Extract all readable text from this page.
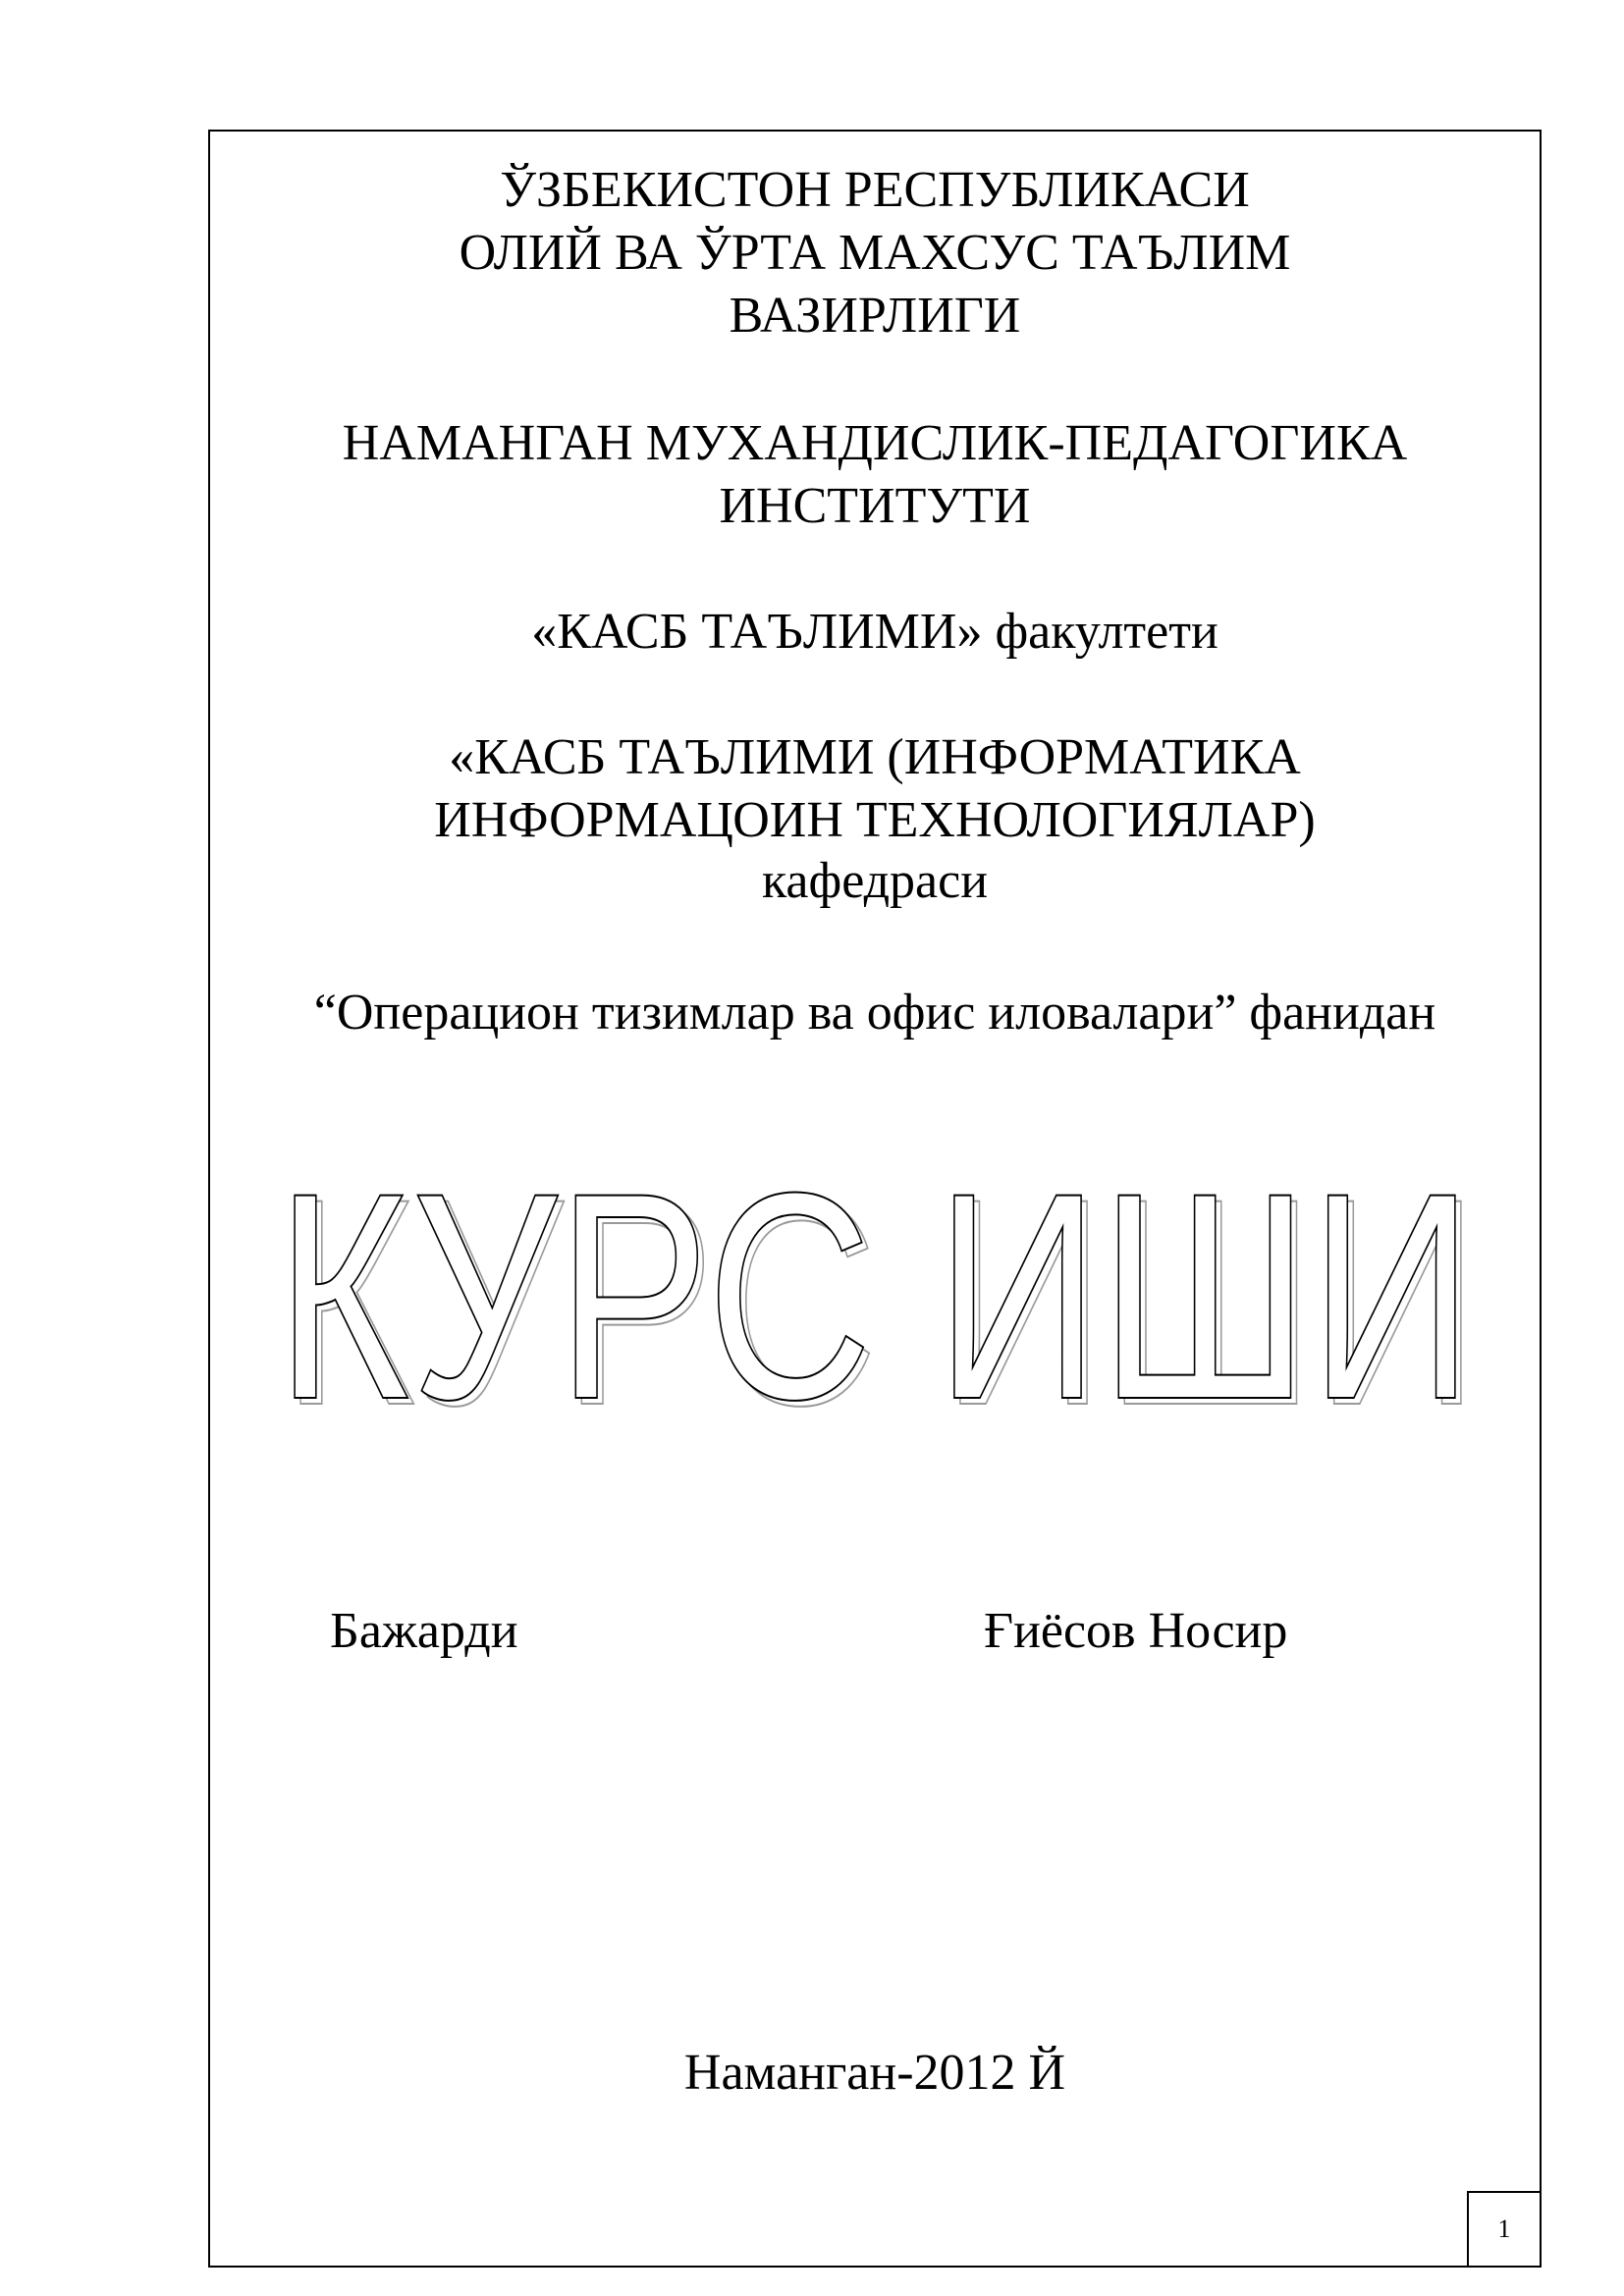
ЎЗБЕКИСТОН РЕСПУБЛИКАСИ
ОЛИЙ ВА ЎРТА МАХСУС ТАЪЛИМ
ВАЗИРЛИГИ
НАМАНГАН МУХАНДИСЛИК-ПЕДАГОГИКА
ИНСТИТУТИ
«КАСБ ТАЪЛИМИ» факултети
«КАСБ ТАЪЛИМИ (ИНФОРМАТИКА
ИНФОРМАЦОИН ТЕХНОЛОГИЯЛАР)
кафедраси
“Операцион тизимлар ва офис иловалари” фанидан
КУРС ИШИ
КУРС ИШИ
Бажарди	Ғиёсов Носир
Наманган-2012 Й
1
